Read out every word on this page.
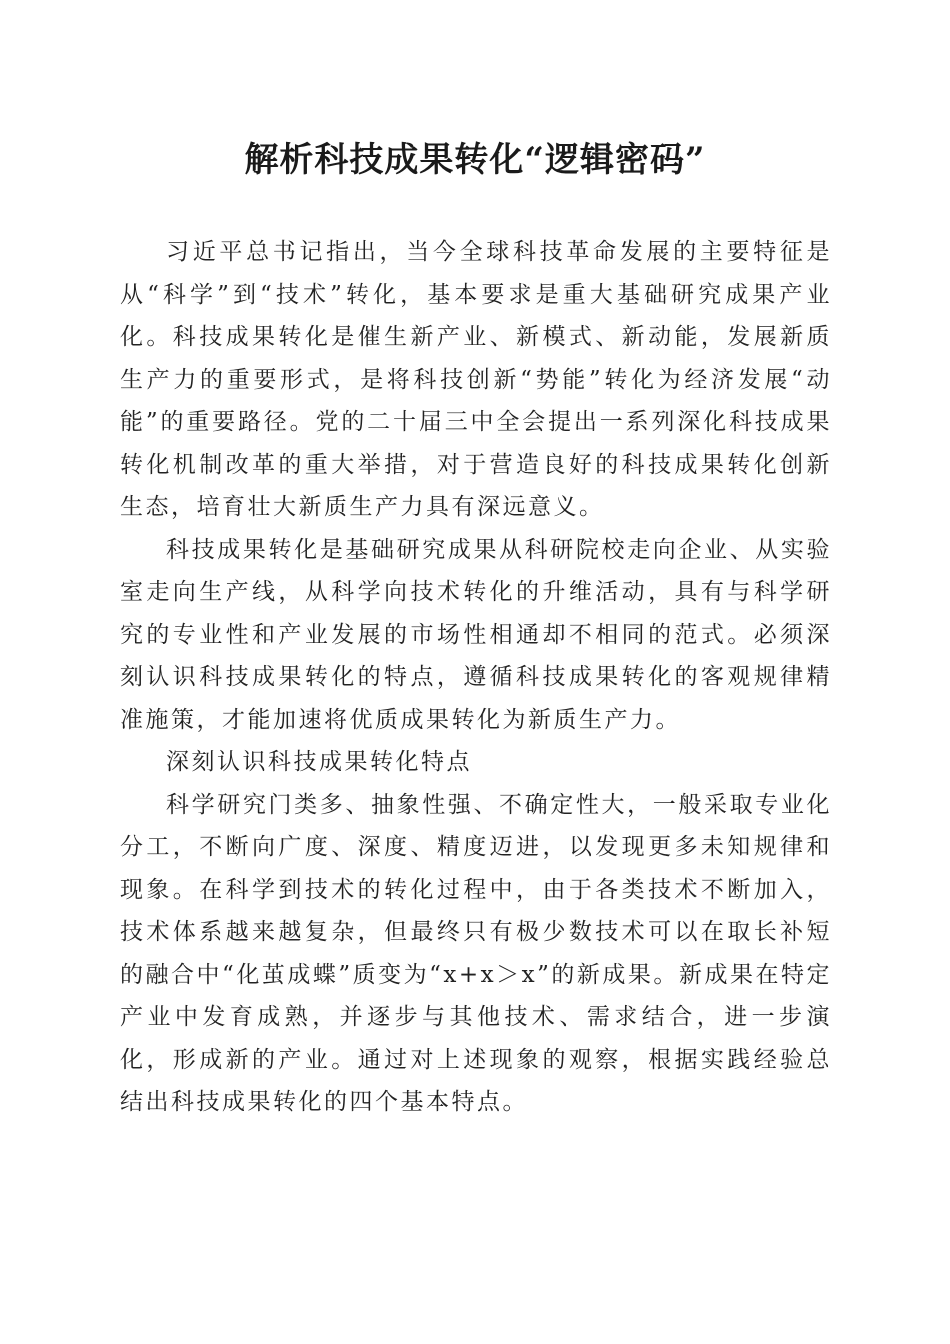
解析科技成果转化“逻辑密码”

习近平总书记指出，当今全球科技革命发展的主要特征是从“科学”到“技术”转化，基本要求是重大基础研究成果产业化。科技成果转化是催生新产业、新模式、新动能，发展新质生产力的重要形式，是将科技创新“势能”转化为经济发展“动能”的重要路径。党的二十届三中全会提出一系列深化科技成果转化机制改革的重大举措，对于营造良好的科技成果转化创新生态，培育壮大新质生产力具有深远意义。

科技成果转化是基础研究成果从科研院校走向企业、从实验室走向生产线，从科学向技术转化的升维活动，具有与科学研究的专业性和产业发展的市场性相通却不相同的范式。必须深刻认识科技成果转化的特点，遵循科技成果转化的客观规律精准施策，才能加速将优质成果转化为新质生产力。

深刻认识科技成果转化特点

科学研究门类多、抽象性强、不确定性大，一般采取专业化分工，不断向广度、深度、精度迈进，以发现更多未知规律和现象。在科学到技术的转化过程中，由于各类技术不断加入，技术体系越来越复杂，但最终只有极少数技术可以在取长补短的融合中“化茧成蝶”质变为“x+x＞x”的新成果。新成果在特定产业中发育成熟，并逐步与其他技术、需求结合，进一步演化，形成新的产业。通过对上述现象的观察，根据实践经验总结出科技成果转化的四个基本特点。
